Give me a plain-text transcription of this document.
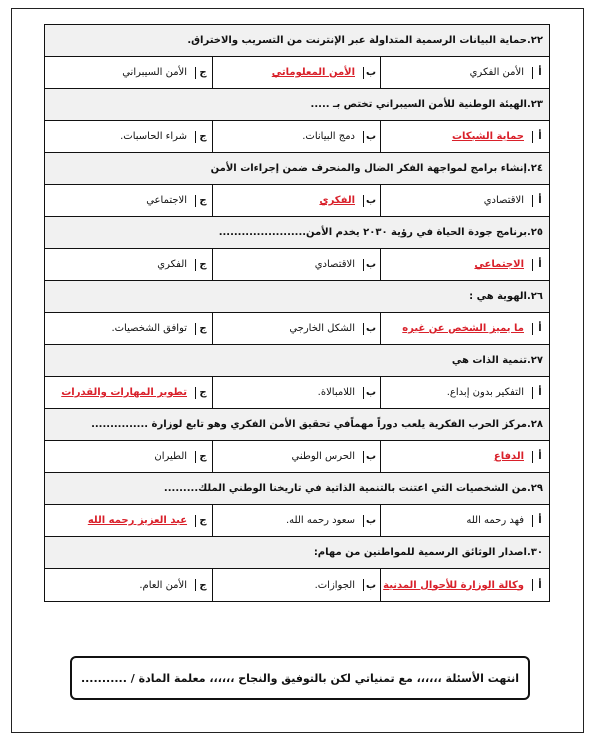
٢٢.حماية البيانات الرسمية المتداولة عبر الإنترنت من التسريب والاختراق.
أ
الأمن الفكري
ب
الأمن المعلوماتي
ج
الأمن السيبراني
٢٣.الهيئة الوطنية للأمن السيبراني تختص بـ .....
أ
حماية الشبكات
ب
دمج البيانات.
ج
شراء الحاسبات.
٢٤.إنشاء برامج لمواجهة الفكر الضال والمنحرف ضمن إجراءات الأمن
أ
الاقتصادي
ب
الفكري
ج
الاجتماعي
٢٥.برنامج جودة الحياة في رؤية ٢٠٣٠ يخدم الأمن.......................
أ
الاجتماعي
ب
الاقتصادي
ج
الفكري
٢٦.الهوية هي :
أ
ما يميز الشخص عن غيره
ب
الشكل الخارجي
ج
توافق الشخصيات.
٢٧.تنمية الذات هي
أ
التفكير بدون إبداع.
ب
اللامبالاة.
ج
تطوير المهارات والقدرات
٢٨.مركز الحرب الفكرية يلعب دوراً مهماًفي تحقيق الأمن الفكري وهو تابع لوزارة ...............
أ
الدفاع
ب
الحرس الوطني
ج
الطيران
٢٩.من الشخصيات التي اعتنت بالتنمية الذاتية في تاريخنا الوطني الملك.........
أ
فهد رحمه الله
ب
سعود رحمه الله.
ج
عبد العزيز رحمه الله
٣٠.اصدار الوثائق الرسمية للمواطنين من مهام:
أ
وكالة الوزارة للأحوال المدنية
ب
الجوازات.
ج
الأمن العام.
انتهت الأسئلة ،،،،،، مع تمنياتي لكن بالتوفيق والنجاح ،،،،،، معلمة المادة / ...........
